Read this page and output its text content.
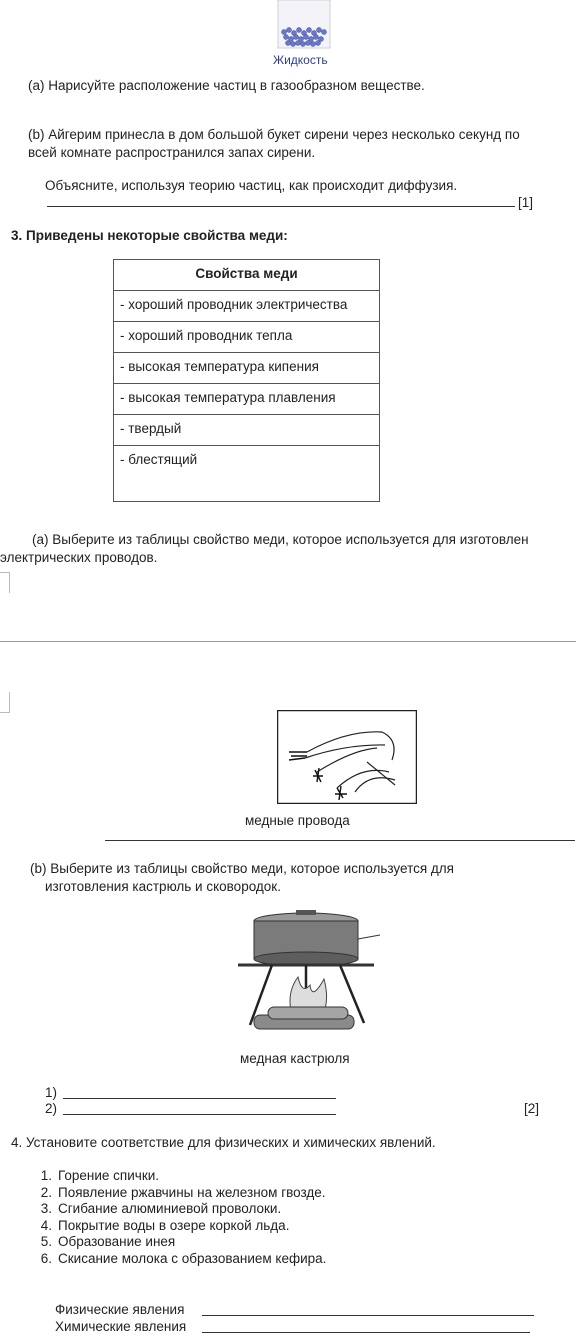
Жидкость
(a) Нарисуйте расположение частиц в газообразном веществе.
(b) Айгерим принесла в дом большой букет сирени через несколько секунд по
всей комнате распространился запах сирени.
Объясните, используя теорию частиц, как происходит диффузия.
[1]
3. Приведены некоторые свойства меди:
Свойства меди
- хороший проводник электричества
- хороший проводник тепла
- высокая температура кипения
- высокая температура плавления
- твердый
- блестящий
(a) Выберите из таблицы свойство меди, которое используется для изготовлен
электрических проводов.
медные провода
(b) Выберите из таблицы свойство меди, которое используется для
изготовления кастрюль и сковородок.
медная кастрюля
1)
2)	[2]
4. Установите соответствие для физических и химических явлений.
1. Горение спички.
2. Появление ржавчины на железном гвозде.
3. Сгибание алюминиевой проволоки.
4. Покрытие воды в озере коркой льда.
5. Образование инея
6. Скисание молока с образованием кефира.
Физические явления
Химические явления
